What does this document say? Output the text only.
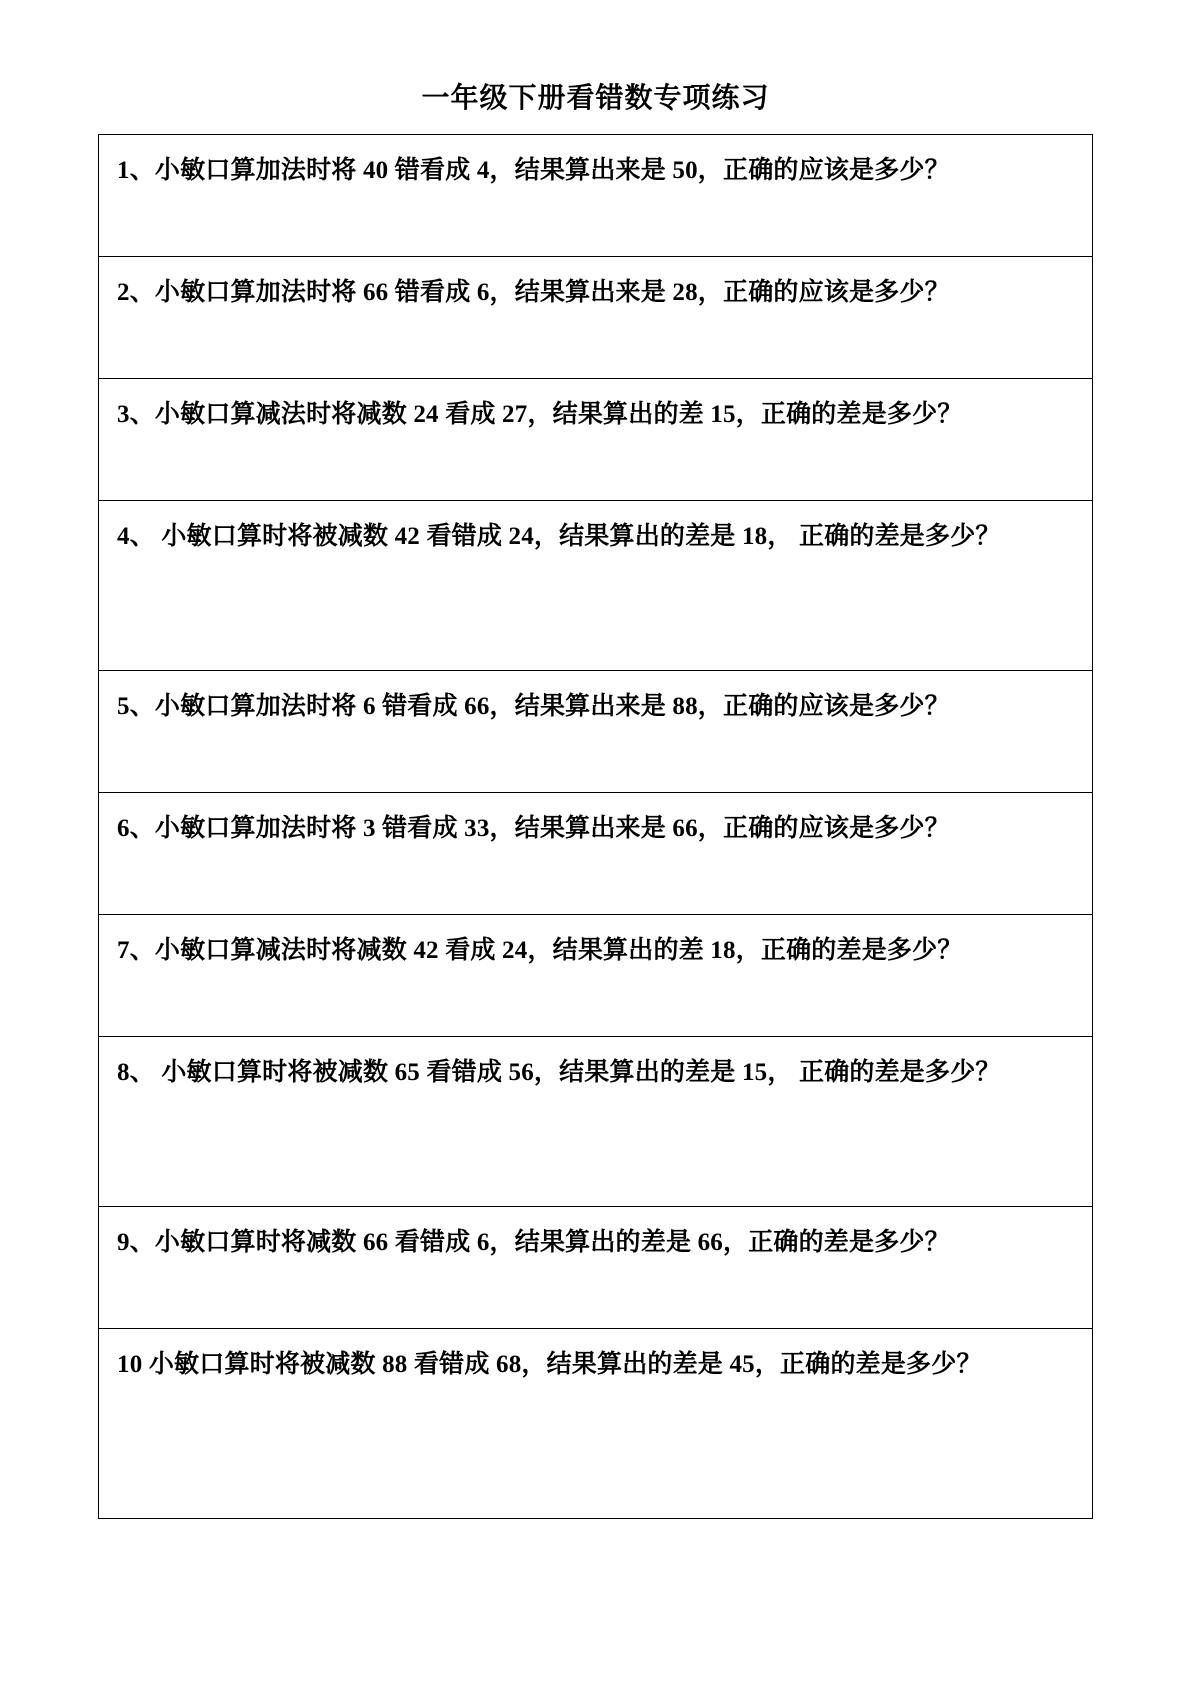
一年级下册看错数专项练习
1、小敏口算加法时将 40 错看成 4，结果算出来是 50，正确的应该是多少？
2、小敏口算加法时将 66 错看成 6，结果算出来是 28，正确的应该是多少？
3、小敏口算减法时将减数 24 看成 27，结果算出的差 15，正确的差是多少？
4、 小敏口算时将被减数 42 看错成 24，结果算出的差是 18， 正确的差是多少？
5、小敏口算加法时将 6 错看成 66，结果算出来是 88，正确的应该是多少？
6、小敏口算加法时将 3 错看成 33，结果算出来是 66，正确的应该是多少？
7、小敏口算减法时将减数 42 看成 24，结果算出的差 18，正确的差是多少？
8、 小敏口算时将被减数 65 看错成 56，结果算出的差是 15， 正确的差是多少？
9、小敏口算时将减数 66 看错成 6，结果算出的差是 66，正确的差是多少？
10 小敏口算时将被减数 88 看错成 68，结果算出的差是 45，正确的差是多少？
